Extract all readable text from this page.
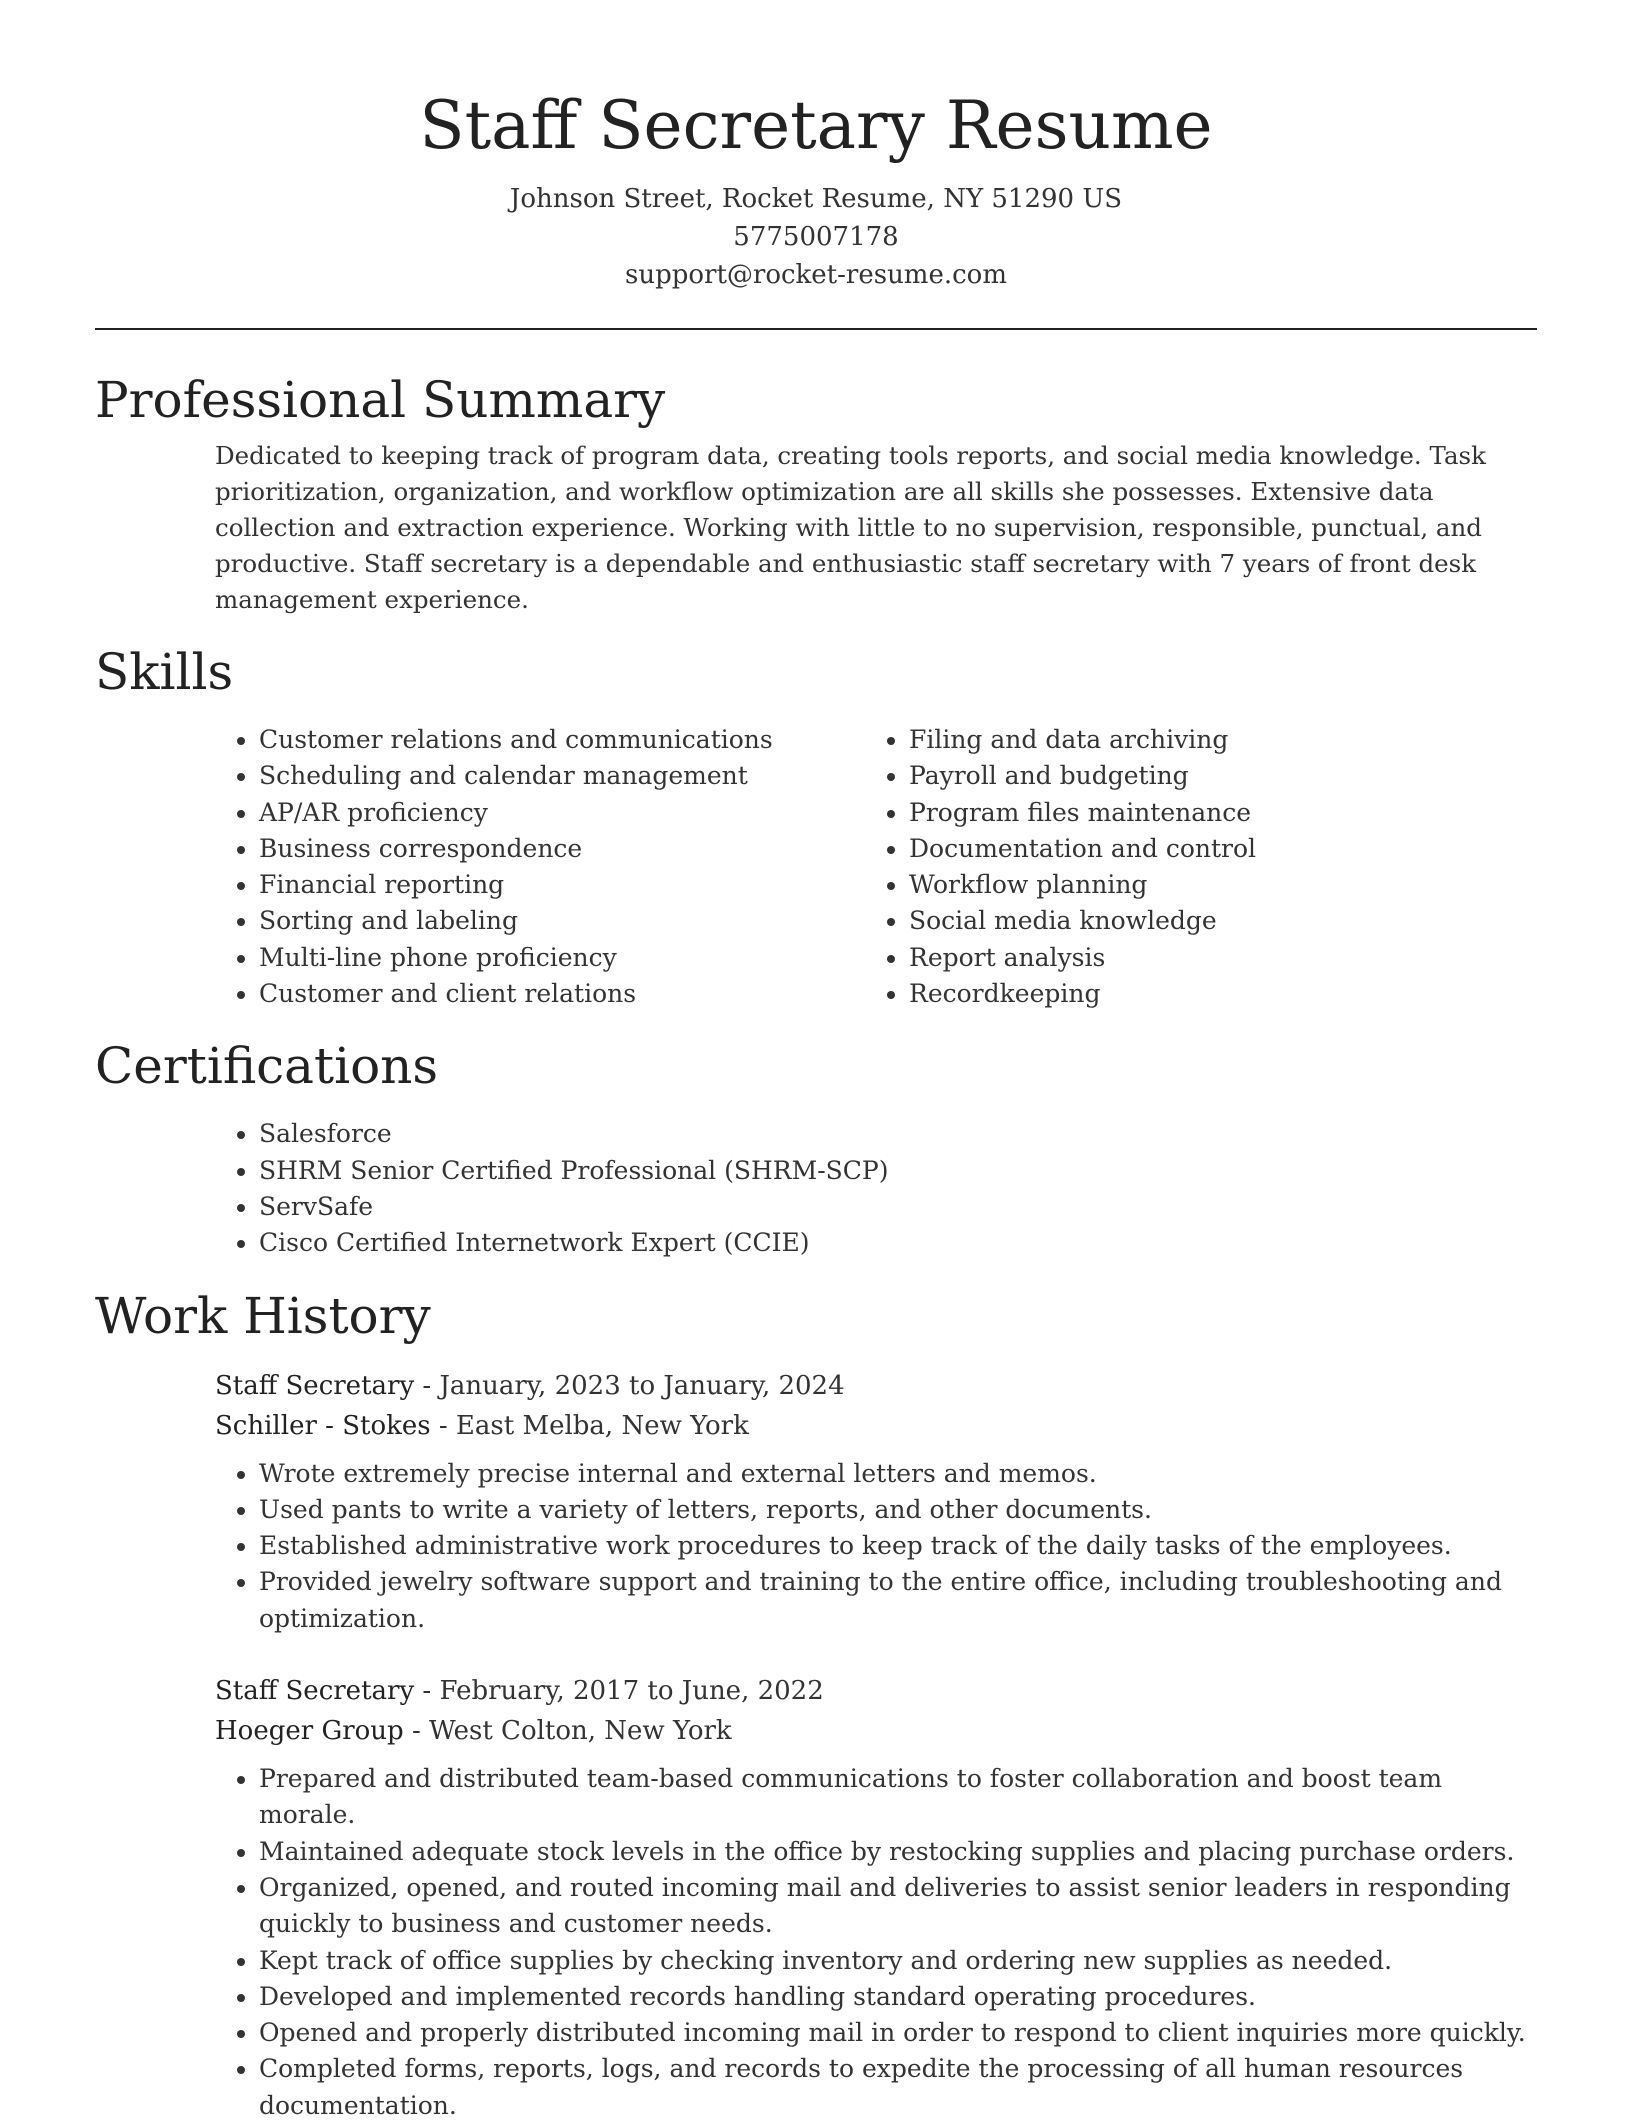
Staff Secretary Resume
Johnson Street, Rocket Resume, NY 51290 US
5775007178
support@rocket-resume.com
Professional Summary

Dedicated to keeping track of program data, creating tools reports, and social media knowledge. Task prioritization, organization, and workflow optimization are all skills she possesses. Extensive data collection and extraction experience. Working with little to no supervision, responsible, punctual, and productive. Staff secretary is a dependable and enthusiastic staff secretary with 7 years of front desk management experience.

Skills
• Customer relations and communications
• Scheduling and calendar management
• AP/AR proficiency
• Business correspondence
• Financial reporting
• Sorting and labeling
• Multi-line phone proficiency
• Customer and client relations
• Filing and data archiving
• Payroll and budgeting
• Program files maintenance
• Documentation and control
• Workflow planning
• Social media knowledge
• Report analysis
• Recordkeeping
Certifications
• Salesforce
• SHRM Senior Certified Professional (SHRM-SCP)
• ServSafe
• Cisco Certified Internetwork Expert (CCIE)
Work History
Staff Secretary - January, 2023 to January, 2024
Schiller - Stokes - East Melba, New York
• Wrote extremely precise internal and external letters and memos.
• Used pants to write a variety of letters, reports, and other documents.
• Established administrative work procedures to keep track of the daily tasks of the employees.
• Provided jewelry software support and training to the entire office, including troubleshooting and optimization.
Staff Secretary - February, 2017 to June, 2022
Hoeger Group - West Colton, New York
• Prepared and distributed team-based communications to foster collaboration and boost team morale.
• Maintained adequate stock levels in the office by restocking supplies and placing purchase orders.
• Organized, opened, and routed incoming mail and deliveries to assist senior leaders in responding quickly to business and customer needs.
• Kept track of office supplies by checking inventory and ordering new supplies as needed.
• Developed and implemented records handling standard operating procedures.
• Opened and properly distributed incoming mail in order to respond to client inquiries more quickly.
• Completed forms, reports, logs, and records to expedite the processing of all human resources documentation.
